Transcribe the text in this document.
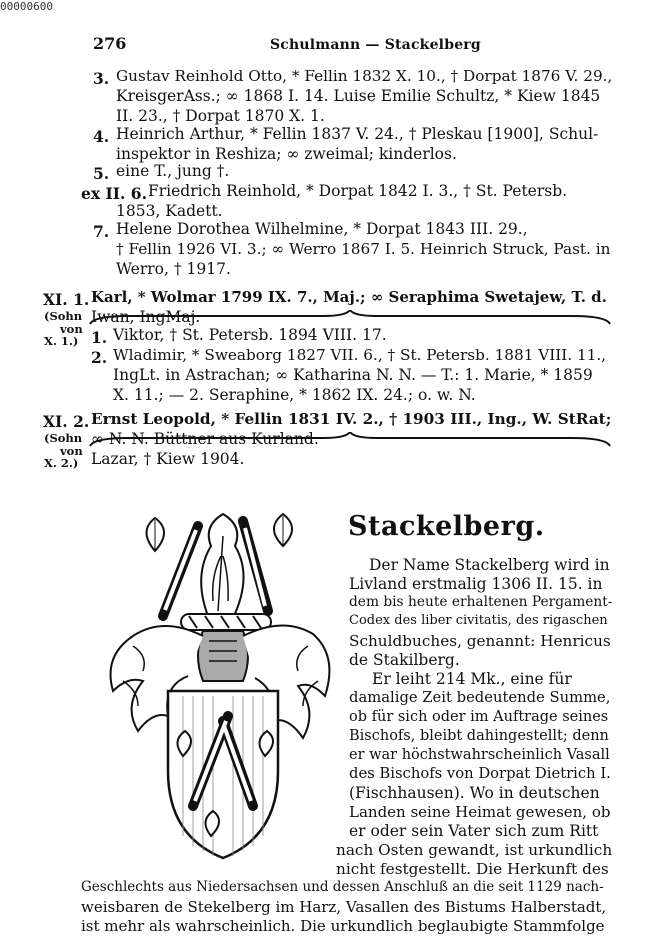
00000600
276	Schulmann — Stackelberg
3. Gustav Reinhold Otto, * Fellin 1832 X. 10., † Dorpat 1876 V. 29.,
KreisgerAss.; ∞ 1868 I. 14. Luise Emilie Schultz, * Kiew 1845
II. 23., † Dorpat 1870 X. 1.
4. Heinrich Arthur, * Fellin 1837 V. 24., † Pleskau [1900], Schul-
inspektor in Reshiza; ∞ zweimal; kinderlos.
5. eine T., jung †.
ex II. 6. Friedrich Reinhold, * Dorpat 1842 I. 3., † St. Petersb.
1853, Kadett.
7. Helene Dorothea Wilhelmine, * Dorpat 1843 III. 29.,
† Fellin 1926 VI. 3.; ∞ Werro 1867 I. 5. Heinrich Struck, Past. in
Werro, † 1917.
XI. 1.
(Sohn
von
X. 1.)
Karl, * Wolmar 1799 IX. 7., Maj.; ∞ Seraphima Swetajew, T. d.
Iwan, IngMaj.
1. Viktor, † St. Petersb. 1894 VIII. 17.
2. Wladimir, * Sweaborg 1827 VII. 6., † St. Petersb. 1881 VIII. 11.,
IngLt. in Astrachan; ∞ Katharina N. N. — T.: 1. Marie, * 1859
X. 11.; — 2. Seraphine, * 1862 IX. 24.; o. w. N.
XI. 2.
(Sohn
von
X. 2.)
Ernst Leopold, * Fellin 1831 IV. 2., † 1903 III., Ing., W. StRat;
∞ N. N. Büttner aus Kurland.
Lazar, † Kiew 1904.
Stackelberg.
Der Name Stackelberg wird in
Livland erstmalig 1306 II. 15. in
dem bis heute erhaltenen Pergament-
Codex des liber civitatis, des rigaschen
Schuldbuches, genannt: Henricus
de Stakilberg.
Er leiht 214 Mk., eine für
damalige Zeit bedeutende Summe,
ob für sich oder im Auftrage seines
Bischofs, bleibt dahingestellt; denn
er war höchstwahrscheinlich Vasall
des Bischofs von Dorpat Dietrich I.
(Fischhausen). Wo in deutschen
Landen seine Heimat gewesen, ob
er oder sein Vater sich zum Ritt
nach Osten gewandt, ist urkundlich
nicht festgestellt. Die Herkunft des
Geschlechts aus Niedersachsen und dessen Anschluß an die seit 1129 nach-
weisbaren de Stekelberg im Harz, Vasallen des Bistums Halberstadt,
ist mehr als wahrscheinlich. Die urkundlich beglaubigte Stammfolge
